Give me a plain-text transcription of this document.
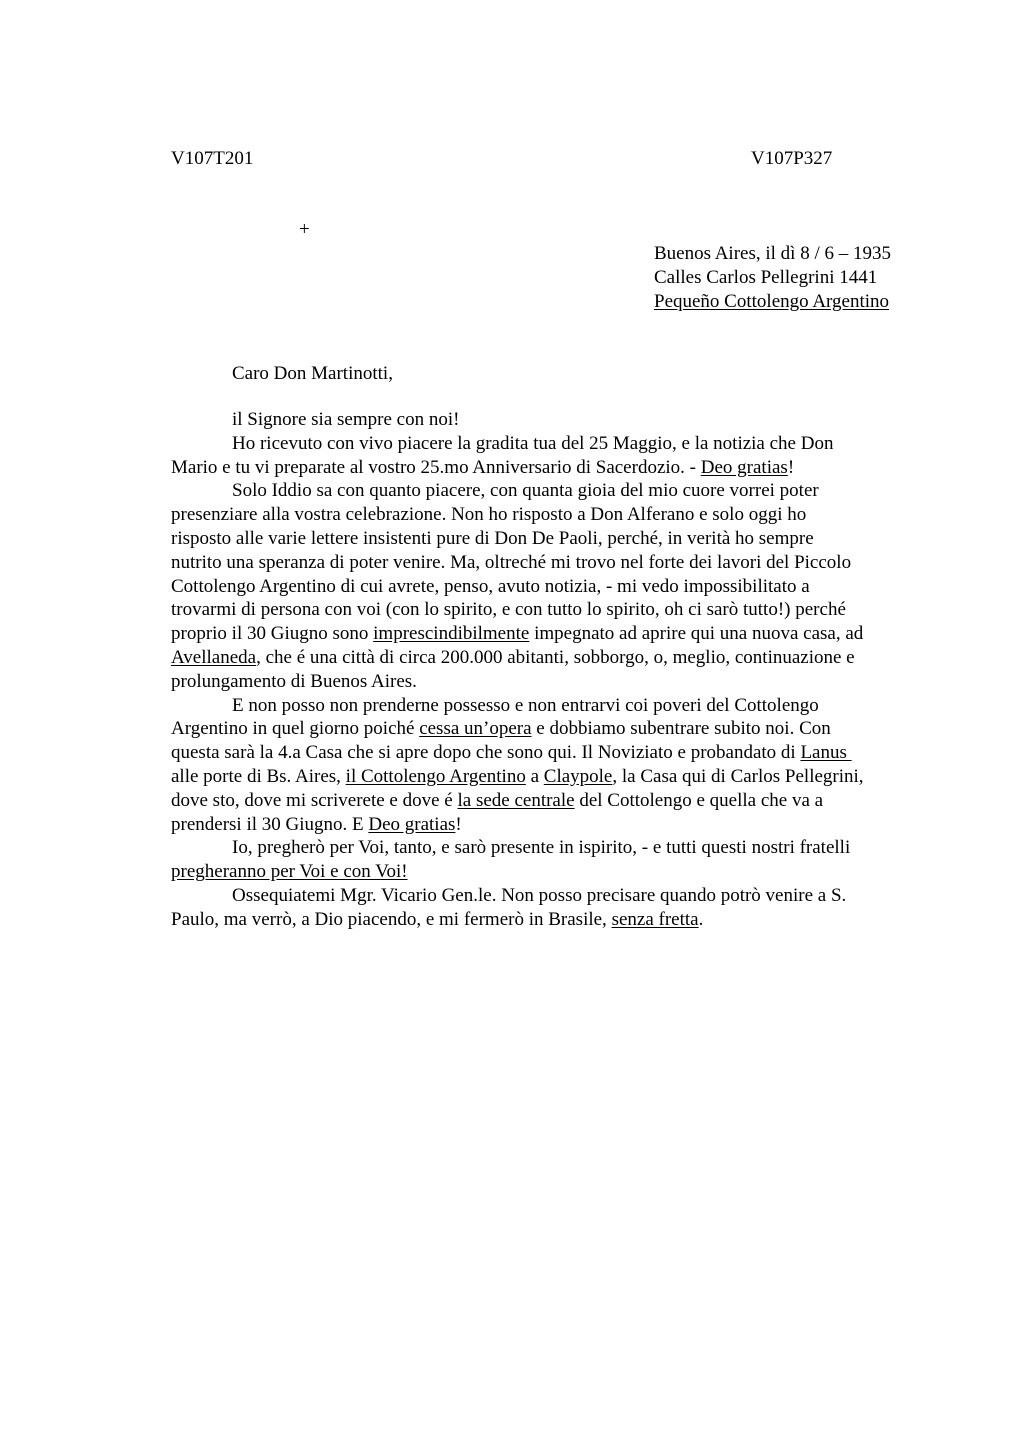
V107T201	V107P327

+

Buenos Aires, il dì 8 / 6 – 1935
Calles Carlos Pellegrini 1441
Pequeño Cottolengo Argentino

Caro Don Martinotti,

il Signore sia sempre con noi!
Ho ricevuto con vivo piacere la gradita tua del 25 Maggio, e la notizia che Don
Mario e tu vi preparate al vostro 25.mo Anniversario di Sacerdozio. - Deo gratias!
Solo Iddio sa con quanto piacere, con quanta gioia del mio cuore vorrei poter
presenziare alla vostra celebrazione. Non ho risposto a Don Alferano e solo oggi ho
risposto alle varie lettere insistenti pure di Don De Paoli, perché, in verità ho sempre
nutrito una speranza di poter venire. Ma, oltreché mi trovo nel forte dei lavori del Piccolo
Cottolengo Argentino di cui avrete, penso, avuto notizia, - mi vedo impossibilitato a
trovarmi di persona con voi (con lo spirito, e con tutto lo spirito, oh ci sarò tutto!) perché
proprio il 30 Giugno sono imprescindibilmente impegnato ad aprire qui una nuova casa, ad
Avellaneda, che é una città di circa 200.000 abitanti, sobborgo, o, meglio, continuazione e
prolungamento di Buenos Aires.
E non posso non prenderne possesso e non entrarvi coi poveri del Cottolengo
Argentino in quel giorno poiché cessa un’opera e dobbiamo subentrare subito noi. Con
questa sarà la 4.a Casa che si apre dopo che sono qui. Il Noviziato e probandato di Lanus
alle porte di Bs. Aires, il Cottolengo Argentino a Claypole, la Casa qui di Carlos Pellegrini,
dove sto, dove mi scriverete e dove é la sede centrale del Cottolengo e quella che va a
prendersi il 30 Giugno. E Deo gratias!
Io, pregherò per Voi, tanto, e sarò presente in ispirito, - e tutti questi nostri fratelli
pregheranno per Voi e con Voi!
Ossequiatemi Mgr. Vicario Gen.le. Non posso precisare quando potrò venire a S.
Paulo, ma verrò, a Dio piacendo, e mi fermerò in Brasile, senza fretta.
